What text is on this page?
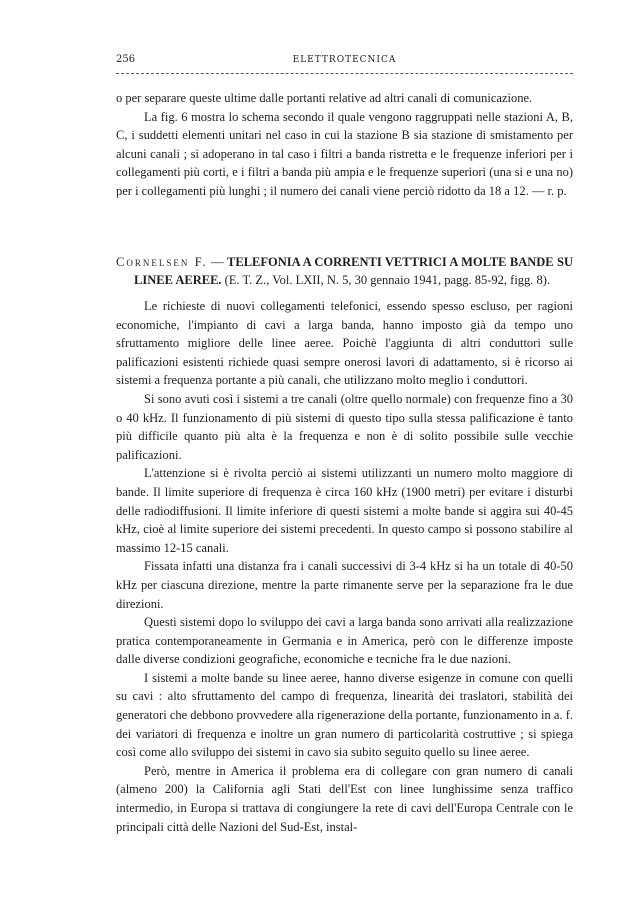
256	ELETTROTECNICA

o per separare queste ultime dalle portanti relative ad altri canali di comunicazione.

La fig. 6 mostra lo schema secondo il quale vengono raggruppati nelle stazioni A, B, C, i suddetti elementi unitari nel caso in cui la stazione B sia stazione di smistamento per alcuni canali ; si adoperano in tal caso i filtri a banda ristretta e le frequenze inferiori per i collegamenti più corti, e i filtri a banda più ampia e le frequenze superiori (una si e una no) per i collegamenti più lunghi ; il numero dei canali viene perciò ridotto da 18 a 12. — r. p.

Cornelsen F. — TELEFONIA A CORRENTI VETTRICI A MOLTE BANDE SU LINEE AEREE. (E. T. Z., Vol. LXII, N. 5, 30 gennaio 1941, pagg. 85-92, figg. 8).

Le richieste di nuovi collegamenti telefonici, essendo spesso escluso, per ragioni economiche, l'impianto di cavi a larga banda, hanno imposto già da tempo uno sfruttamento migliore delle linee aeree. Poichè l'aggiunta di altri conduttori sulle palificazioni esistenti richiede quasi sempre onerosi lavori di adattamento, si è ricorso ai sistemi a frequenza portante a più canali, che utilizzano molto meglio i conduttori.

Si sono avuti così i sistemi a tre canali (oltre quello normale) con frequenze fino a 30 o 40 kHz. Il funzionamento di più sistemi di questo tipo sulla stessa palificazione è tanto più difficile quanto più alta è la frequenza e non è di solito possibile sulle vecchie palificazioni.

L'attenzione si è rivolta perciò ai sistemi utilizzanti un numero molto maggiore di bande. Il limite superiore di frequenza è circa 160 kHz (1900 metri) per evitare i disturbi delle radiodiffusioni. Il limite inferiore di questi sistemi a molte bande si aggira sui 40-45 kHz, cioè al limite superiore dei sistemi precedenti. In questo campo si possono stabilire al massimo 12-15 canali.

Fissata infatti una distanza fra i canali successivi di 3-4 kHz si ha un totale di 40-50 kHz per ciascuna direzione, mentre la parte rimanente serve per la separazione fra le due direzioni.

Questi sistemi dopo lo sviluppo dei cavi a larga banda sono arrivati alla realizzazione pratica contemporaneamente in Germania e in America, però con le differenze imposte dalle diverse condizioni geografiche, economiche e tecniche fra le due nazioni.

I sistemi a molte bande su linee aeree, hanno diverse esigenze in comune con quelli su cavi : alto sfruttamento del campo di frequenza, linearità dei traslatori, stabilità dei generatori che debbono provvedere alla rigenerazione della portante, funzionamento in a. f. dei variatori di frequenza e inoltre un gran numero di particolarità costruttive ; si spiega così come allo sviluppo dei sistemi in cavo sia subito seguito quello su linee aeree.

Però, mentre in America il problema era di collegare con gran numero di canali (almeno 200) la California agli Stati dell'Est con linee lunghissime senza traffico intermedio, in Europa si trattava di congiungere la rete di cavi dell'Europa Centrale con le principali città delle Nazioni del Sud-Est, instal-
